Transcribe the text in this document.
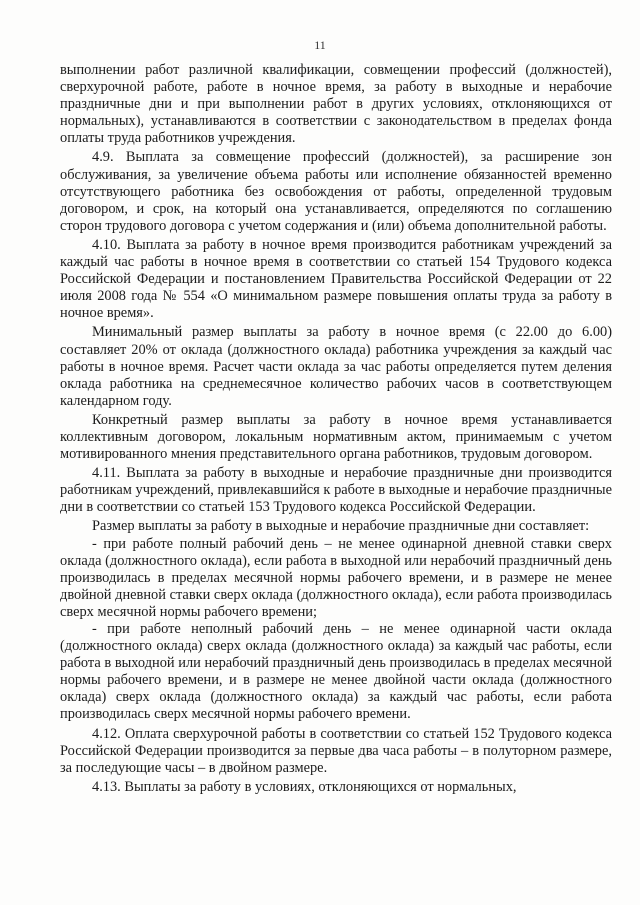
11

выполнении работ различной квалификации, совмещении профессий (должностей), сверхурочной работе, работе в ночное время, за работу в выходные и нерабочие праздничные дни и при выполнении работ в других условиях, отклоняющихся от нормальных), устанавливаются в соответствии с законодательством в пределах фонда оплаты труда работников учреждения.

4.9. Выплата за совмещение профессий (должностей), за расширение зон обслуживания, за увеличение объема работы или исполнение обязанностей временно отсутствующего работника без освобождения от работы, определенной трудовым договором, и срок, на который она устанавливается, определяются по соглашению сторон трудового договора с учетом содержания и (или) объема дополнительной работы.

4.10. Выплата за работу в ночное время производится работникам учреждений за каждый час работы в ночное время в соответствии со статьей 154 Трудового кодекса Российской Федерации и постановлением Правительства Российской Федерации от 22 июля 2008 года № 554 «О минимальном размере повышения оплаты труда за работу в ночное время».

Минимальный размер выплаты за работу в ночное время (с 22.00 до 6.00) составляет 20% от оклада (должностного оклада) работника учреждения за каждый час работы в ночное время. Расчет части оклада за час работы определяется путем деления оклада работника на среднемесячное количество рабочих часов в соответствующем календарном году.

Конкретный размер выплаты за работу в ночное время устанавливается коллективным договором, локальным нормативным актом, принимаемым с учетом мотивированного мнения представительного органа работников, трудовым договором.

4.11. Выплата за работу в выходные и нерабочие праздничные дни производится работникам учреждений, привлекавшийся к работе в выходные и нерабочие праздничные дни в соответствии со статьей 153 Трудового кодекса Российской Федерации.

Размер выплаты за работу в выходные и нерабочие праздничные дни составляет:

- при работе полный рабочий день – не менее одинарной дневной ставки сверх оклада (должностного оклада), если работа в выходной или нерабочий праздничный день производилась в пределах месячной нормы рабочего времени, и в размере не менее двойной дневной ставки сверх оклада (должностного оклада), если работа производилась сверх месячной нормы рабочего времени;

- при работе неполный рабочий день – не менее одинарной части оклада (должностного оклада) сверх оклада (должностного оклада) за каждый час работы, если работа в выходной или нерабочий праздничный день производилась в пределах месячной нормы рабочего времени, и в размере не менее двойной части оклада (должностного оклада) сверх оклада (должностного оклада) за каждый час работы, если работа производилась сверх месячной нормы рабочего времени.

4.12. Оплата сверхурочной работы в соответствии со статьей 152 Трудового кодекса Российской Федерации производится за первые два часа работы – в полуторном размере, за последующие часы – в двойном размере.

4.13. Выплаты за работу в условиях, отклоняющихся от нормальных,
